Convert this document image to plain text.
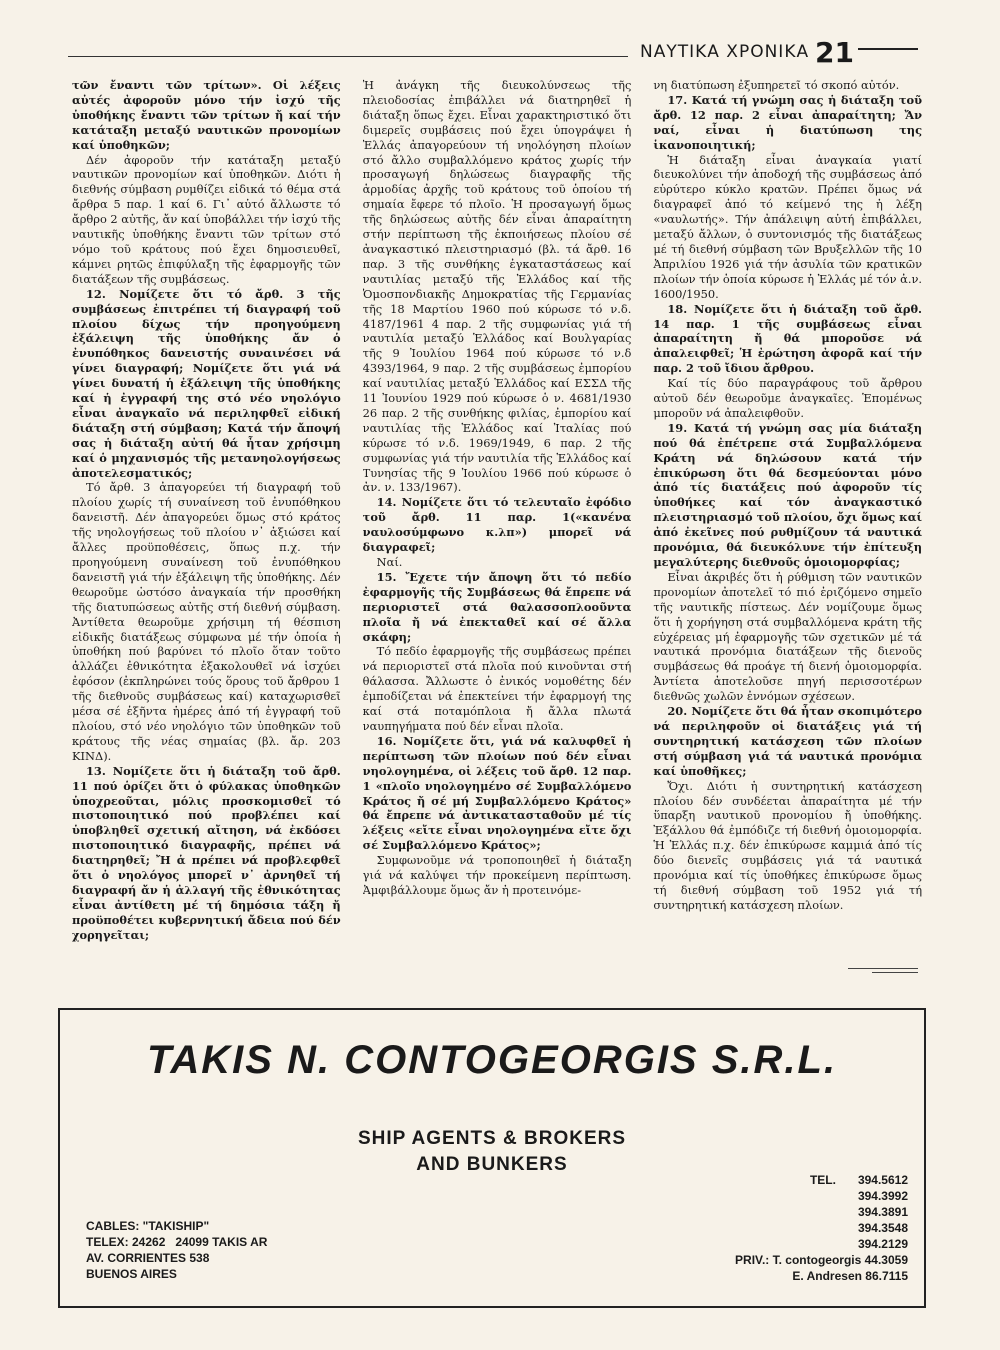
ΝΑΥΤΙΚΑ ΧΡΟΝΙΚΑ 21

τῶν ἔναντι τῶν τρίτων». Οἱ λέξεις αὐτές ἀφοροῦν μόνο τήν ἰσχύ τῆς ὑποθήκης ἔναντι τῶν τρίτων ἤ καί τήν κατάταξη μεταξύ ναυτικῶν προνομίων καί ὑποθηκῶν;

Δέν ἀφοροῦν τήν κατάταξη μεταξύ ναυτικῶν προνομίων καί ὑποθηκῶν. Διότι ἡ διεθνής σύμβαση ρυμθίζει εἰδικά τό θέμα στά ἄρθρα 5 παρ. 1 καί 6. Γι᾿ αὐτό ἄλλωστε τό ἄρθρο 2 αὐτῆς, ἄν καί ὑποβάλλει τήν ἰσχύ τῆς ναυτικῆς ὑποθήκης ἔναντι τῶν τρίτων στό νόμο τοῦ κράτους πού ἔχει δημοσιευθεῖ, κάμνει ρητῶς ἐπιφύλαξη τῆς ἐφαρμογῆς τῶν διατάξεων τῆς συμβάσεως.

12. Νομίζετε ὅτι τό ἄρθ. 3 τῆς συμβάσεως ἐπιτρέπει τή διαγραφή τοῦ πλοίου δίχως τήν προηγούμενη ἐξάλειψη τῆς ὑποθήκης ἄν ὁ ἐνυπόθηκος δανειστής συναινέσει νά γίνει διαγραφή; Νομίζετε ὅτι γιά νά γίνει δυνατή ἡ ἐξάλειψη τῆς ὑποθήκης καί ἡ ἐγγραφή της στό νέο νηολόγιο εἶναι ἀναγκαῖο νά περιληφθεῖ εἰδική διάταξη στή σύμβαση; Κατά τήν ἄποψή σας ἡ διάταξη αὐτή θά ἦταν χρήσιμη καί ὁ μηχανισμός τῆς μετανηολογήσεως ἀποτελεσματικός;

Τό ἄρθ. 3 ἀπαγορεύει τή διαγραφή τοῦ πλοίου χωρίς τή συναίνεση τοῦ ἐνυπόθηκου δανειστῆ. Δέν ἀπαγορεύει ὅμως στό κράτος τῆς νηολογήσεως τοῦ πλοίου ν᾿ ἀξιώσει καί ἄλλες προϋποθέσεις, ὅπως π.χ. τήν προηγούμενη συναίνεση τοῦ ἐνυπόθηκου δανειστῆ γιά τήν ἐξάλειψη τῆς ὑποθήκης. Δέν θεωροῦμε ὡστόσο ἀναγκαία τήν προσθήκη τῆς διατυπώσεως αὐτῆς στή διεθνή σύμβαση. Ἀντίθετα θεωροῦμε χρήσιμη τή θέσπιση εἰδικῆς διατάξεως σύμφωνα μέ τήν ὁποία ἡ ὑποθήκη πού βαρύνει τό πλοῖο ὅταν τοῦτο ἀλλάζει ἐθνικότητα ἐξακολουθεῖ νά ἰσχύει ἐφόσον (ἐκπληρώνει τούς ὅρους τοῦ ἄρθρου 1 τῆς διεθνοῦς συμβάσεως καί) καταχωρισθεῖ μέσα σέ ἑξῆντα ἡμέρες ἀπό τή ἐγγραφή τοῦ πλοίου, στό νέο νηολόγιο τῶν ὑποθηκῶν τοῦ κράτους τῆς νέας σημαίας (βλ. ἄρ. 203 ΚΙΝΔ).

13. Νομίζετε ὅτι ἡ διάταξη τοῦ ἄρθ. 11 πού ὁρίζει ὅτι ὁ φύλακας ὑποθηκῶν ὑποχρεοῦται, μόλις προσκομισθεῖ τό πιστοποιητικό πού προβλέπει καί ὑποβληθεῖ σχετική αἴτηση, νά ἐκδόσει πιστοποιητικό διαγραφῆς, πρέπει νά διατηρηθεῖ; Ἤ ἁ πρέπει νά προβλεφθεῖ ὅτι ὁ νηολόγος μπορεῖ ν᾿ ἀρνηθεῖ τή διαγραφή ἄν ἡ ἀλλαγή τῆς ἐθνικότητας εἶναι ἀντίθετη μέ τή δημόσια τάξη ἤ προϋποθέτει κυβερνητική ἄδεια πού δέν χορηγεῖται;

Ἡ ἀνάγκη τῆς διευκολύνσεως τῆς πλειοδοσίας ἐπιβάλλει νά διατηρηθεῖ ἡ διάταξη ὅπως ἔχει. Εἶναι χαρακτηριστικό ὅτι διμερεῖς συμβάσεις πού ἔχει ὑπογράψει ἡ Ἑλλάς ἀπαγορεύουν τή νηολόγηση πλοίων στό ἄλλο συμβαλλόμενο κράτος χωρίς τήν προσαγωγή δηλώσεως διαγραφῆς τῆς ἁρμοδίας ἀρχῆς τοῦ κράτους τοῦ ὁποίου τή σημαία ἔφερε τό πλοῖο. Ἡ προσαγωγή ὅμως τῆς δηλώσεως αὐτῆς δέν εἶναι ἀπαραίτητη στήν περίπτωση τῆς ἐκποιήσεως πλοίου σέ ἀναγκαστικό πλειστηριασμό (βλ. τά ἄρθ. 16 παρ. 3 τῆς συνθήκης ἐγκαταστάσεως καί ναυτιλίας μεταξύ τῆς Ἑλλάδος καί τῆς Ὁμοσπονδιακῆς Δημοκρατίας τῆς Γερμανίας τῆς 18 Μαρτίου 1960 πού κύρωσε τό ν.δ. 4187/1961 4 παρ. 2 τῆς συμφωνίας γιά τή ναυτιλία μεταξύ Ἑλλάδος καί Βουλγαρίας τῆς 9 Ἰουλίου 1964 πού κύρωσε τό ν.δ 4393/1964, 9 παρ. 2 τῆς συμβάσεως ἐμπορίου καί ναυτιλίας μεταξύ Ἑλλάδος καί ΕΣΣΔ τῆς 11 Ἰουνίου 1929 πού κύρωσε ὁ ν. 4681/1930 26 παρ. 2 τῆς συνθήκης φιλίας, ἐμπορίου καί ναυτιλίας τῆς Ἑλλάδος καί Ἰταλίας πού κύρωσε τό ν.δ. 1969/1949, 6 παρ. 2 τῆς συμφωνίας γιά τήν ναυτιλία τῆς Ἑλλάδος καί Τυνησίας τῆς 9 Ἰουλίου 1966 πού κύρωσε ὁ ἀν. ν. 133/1967).

14. Νομίζετε ὅτι τό τελευταῖο ἐφόδιο τοῦ ἄρθ. 11 παρ. 1(«κανένα ναυλοσύμφωνο κ.λπ») μπορεῖ νά διαγραφεῖ;

Ναί.

15. Ἔχετε τήν ἄποψη ὅτι τό πεδίο ἐφαρμογῆς τῆς Συμβάσεως θά ἔπρεπε νά περιοριστεῖ στά θαλασσοπλοοῦντα πλοῖα ἤ νά ἐπεκταθεῖ καί σέ ἄλλα σκάφη;

Τό πεδίο ἐφαρμογῆς τῆς συμβάσεως πρέπει νά περιοριστεῖ στά πλοῖα πού κινοῦνται στή θάλασσα. Ἄλλωστε ὁ ἐνικός νομοθέτης δέν ἐμποδίζεται νά ἐπεκτείνει τήν ἐφαρμογή της καί στά ποταμόπλοια ἤ ἄλλα πλωτά ναυπηγήματα πού δέν εἶναι πλοῖα.

16. Νομίζετε ὅτι, γιά νά καλυφθεῖ ἡ περίπτωση τῶν πλοίων πού δέν εἶναι νηολογημένα, οἱ λέξεις τοῦ ἄρθ. 12 παρ. 1 «πλοῖο νηολογημένο σέ Συμβαλλόμενο Κράτος ἤ σέ μή Συμβαλλόμενο Κράτος» θά ἔπρεπε νά ἀντικατασταθοῦν μέ τίς λέξεις «εἴτε εἶναι νηολογημένα εἴτε ὄχι σέ Συμβαλλόμενο Κράτος»;

Συμφωνοῦμε νά τροποποιηθεῖ ἡ διάταξη γιά νά καλύψει τήν προκείμενη περίπτωση. Ἀμφιβάλλουμε ὅμως ἄν ἡ προτεινόμε-

νη διατύπωση ἐξυπηρετεῖ τό σκοπό αὐτόν.

17. Κατά τή γνώμη σας ἡ διάταξη τοῦ ἄρθ. 12 παρ. 2 εἶναι ἀπαραίτητη; Ἄν ναί, εἶναι ἡ διατύπωση της ἱκανοποιητική;

Ἡ διάταξη εἶναι ἀναγκαία γιατί διευκολύνει τήν ἀποδοχή τῆς συμβάσεως ἀπό εὐρύτερο κύκλο κρατῶν. Πρέπει ὅμως νά διαγραφεῖ ἀπό τό κείμενό της ἡ λέξη «ναυλωτής». Τήν ἀπάλειψη αὐτή ἐπιβάλλει, μεταξύ ἄλλων, ὁ συντονισμός τῆς διατάξεως μέ τή διεθνή σύμβαση τῶν Βρυξελλῶν τῆς 10 Ἀπριλίου 1926 γιά τήν ἀσυλία τῶν κρατικῶν πλοίων τήν ὁποία κύρωσε ἡ Ἑλλάς μέ τόν ἀ.ν. 1600/1950.

18. Νομίζετε ὅτι ἡ διάταξη τοῦ ἄρθ. 14 παρ. 1 τῆς συμβάσεως εἶναι ἀπαραίτητη ἤ θά μποροῦσε νά ἀπαλειφθεῖ; Ἡ ἐρώτηση ἀφορᾶ καί τήν παρ. 2 τοῦ ἴδιου ἄρθρου.

Καί τίς δύο παραγράφους τοῦ ἄρθρου αὐτοῦ δέν θεωροῦμε ἀναγκαῖες. Ἑπομένως μποροῦν νά ἀπαλειφθοῦν.

19. Κατά τή γνώμη σας μία διάταξη πού θά ἐπέτρεπε στά Συμβαλλόμενα Κράτη νά δηλώσουν κατά τήν ἐπικύρωση ὅτι θά δεσμεύονται μόνο ἀπό τίς διατάξεις πού ἀφοροῦν τίς ὑποθήκες καί τόν ἀναγκαστικό πλειστηριασμό τοῦ πλοίου, ὄχι ὅμως καί ἀπό ἐκεῖνες πού ρυθμίζουν τά ναυτικά προνόμια, θά διευκόλυνε τήν ἐπίτευξη μεγαλύτερης διεθνοῦς ὁμοιομορφίας;

Εἶναι ἀκριβές ὅτι ἡ ρύθμιση τῶν ναυτικῶν προνομίων ἀποτελεῖ τό πιό ἐριζόμενο σημεῖο τῆς ναυτικῆς πίστεως. Δέν νομίζουμε ὅμως ὅτι ἡ χορήγηση στά συμβαλλόμενα κράτη τῆς εὐχέρειας μή ἐφαρμογῆς τῶν σχετικῶν μέ τά ναυτικά προνόμια διατάξεων τῆς διενοῦς συμβάσεως θά προάγε τή διενή ὁμοιομορφία. Ἀντίετα ἀποτελοῦσε πηγή περισσοτέρων διεθνῶς χωλῶν ἐννόμων σχέσεων.

20. Νομίζετε ὅτι θά ἦταν σκοπιμότερο νά περιληφοῦν οἱ διατάξεις γιά τή συντηρητική κατάσχεση τῶν πλοίων στή σύμβαση γιά τά ναυτικά προνόμια καί ὑποθῆκες;

Ὄχι. Διότι ἡ συντηρητική κατάσχεση πλοίου δέν συνδέεται ἀπαραίτητα μέ τήν ὕπαρξη ναυτικοῦ προνομίου ἤ ὑποθήκης. Ἐξάλλου θά ἐμπόδιζε τή διεθνή ὁμοιομορφία. Ἡ Ἑλλάς π.χ. δέν ἐπικύρωσε καμμιά ἀπό τίς δύο διενεῖς συμβάσεις γιά τά ναυτικά προνόμια καί τίς ὑποθήκες ἐπικύρωσε ὅμως τή διεθνή σύμβαση τοῦ 1952 γιά τή συντηρητική κατάσχεση πλοίων.

TAKIS N. CONTOGEORGIS S.R.L.
SHIP AGENTS & BROKERS
AND BUNKERS
CABLES: "TAKISHIP"
TELEX: 24262   24099 TAKIS AR
AV. CORRIENTES 538
BUENOS AIRES
TEL. 394.5612
394.3992
394.3891
394.3548
394.2129
PRIV.: T. contogeorgis 44.3059
E. Andresen 86.7115
